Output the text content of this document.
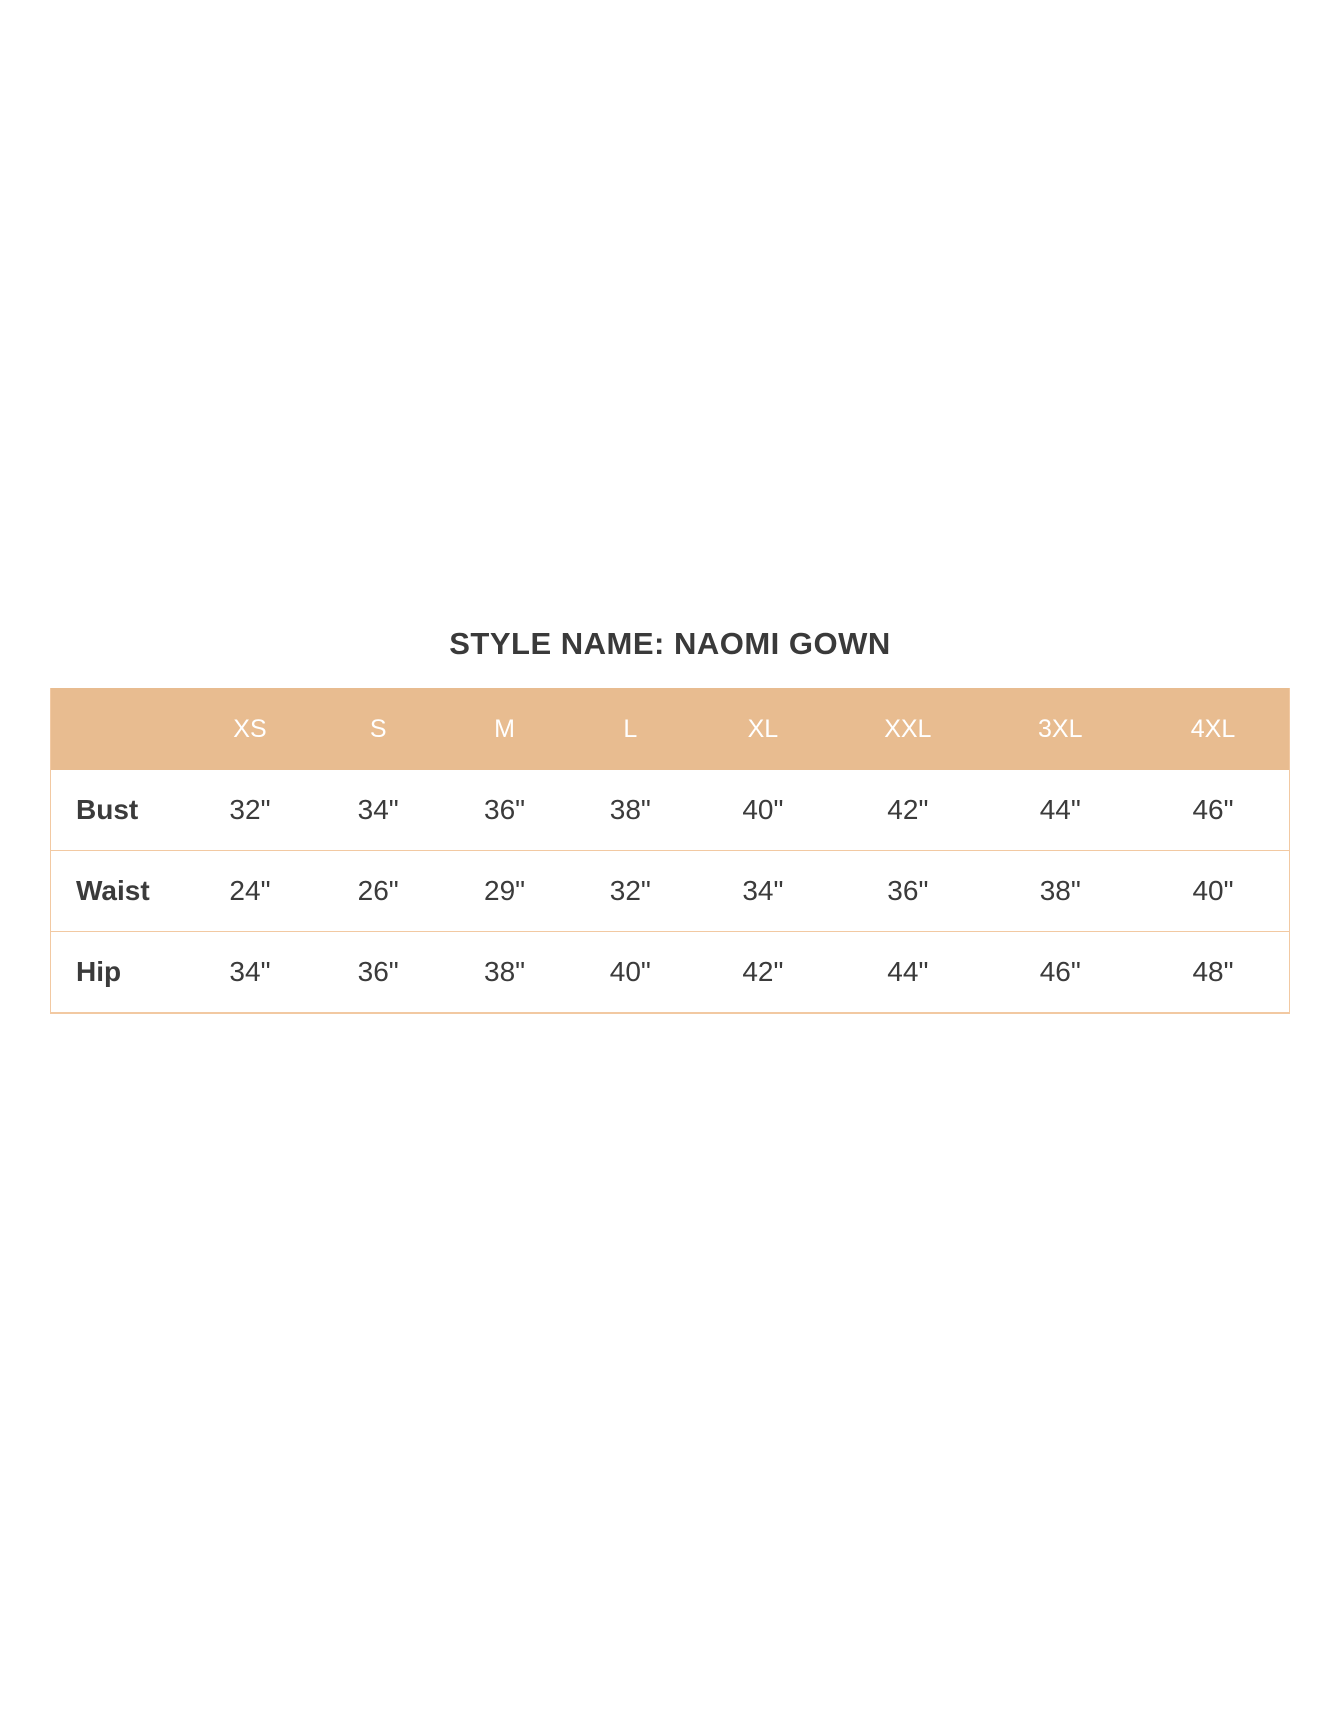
STYLE NAME: NAOMI GOWN
	XS	S	M	L	XL	XXL	3XL	4XL
Bust	32"	34"	36"	38"	40"	42"	44"	46"
Waist	24"	26"	29"	32"	34"	36"	38"	40"
Hip	34"	36"	38"	40"	42"	44"	46"	48"
